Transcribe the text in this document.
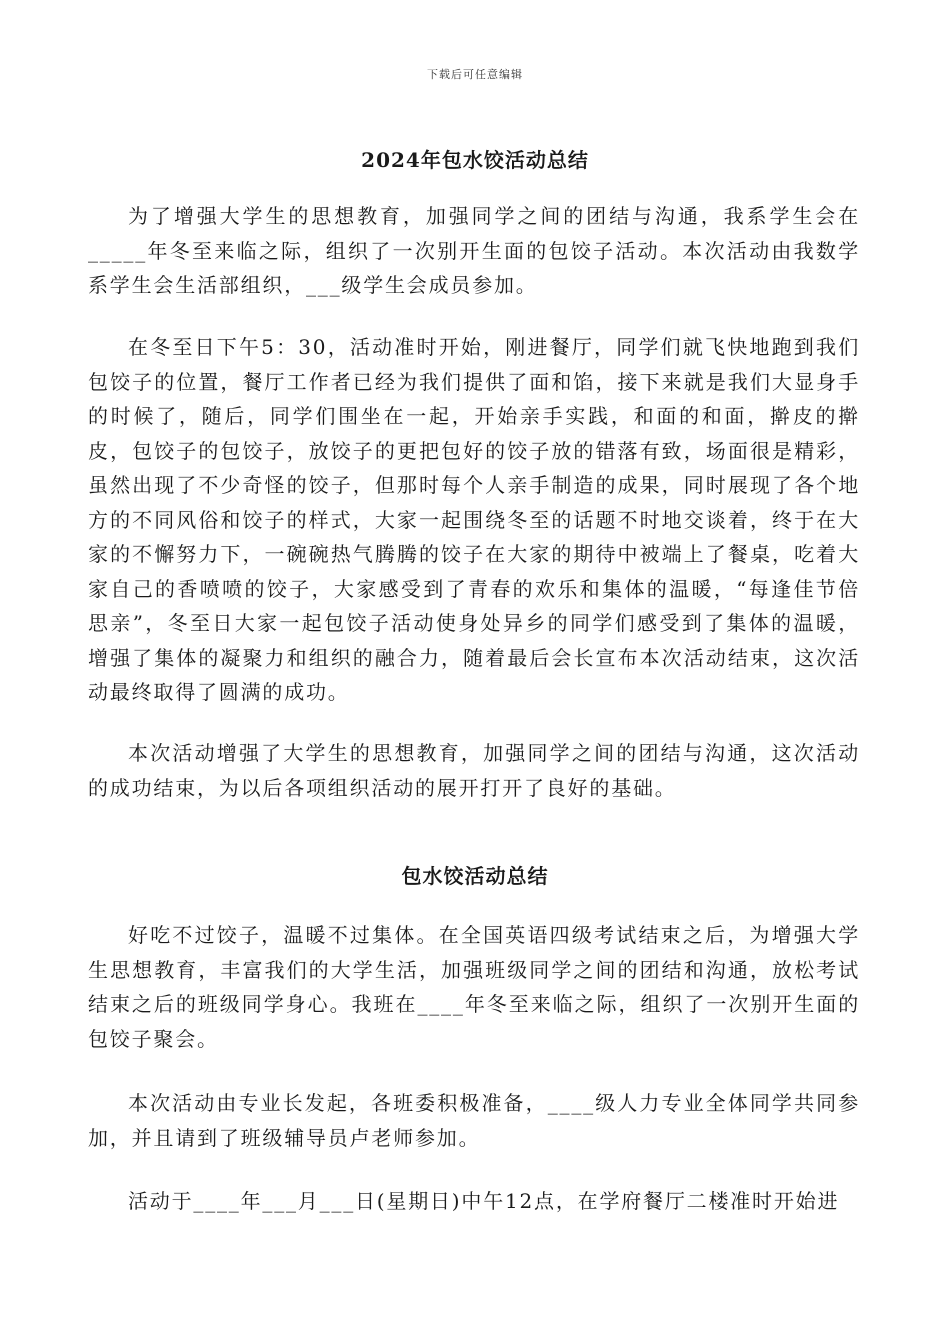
下载后可任意编辑
2024年包水饺活动总结
为了增强大学生的思想教育，加强同学之间的团结与沟通，我系学生会在_____年冬至来临之际，组织了一次别开生面的包饺子活动。本次活动由我数学系学生会生活部组织，___级学生会成员参加。
在冬至日下午5：30，活动准时开始，刚进餐厅，同学们就飞快地跑到我们包饺子的位置，餐厅工作者已经为我们提供了面和馅，接下来就是我们大显身手的时候了，随后，同学们围坐在一起，开始亲手实践，和面的和面，擀皮的擀皮，包饺子的包饺子，放饺子的更把包好的饺子放的错落有致，场面很是精彩，虽然出现了不少奇怪的饺子，但那时每个人亲手制造的成果，同时展现了各个地方的不同风俗和饺子的样式，大家一起围绕冬至的话题不时地交谈着，终于在大家的不懈努力下，一碗碗热气腾腾的饺子在大家的期待中被端上了餐桌，吃着大家自己的香喷喷的饺子，大家感受到了青春的欢乐和集体的温暖，“每逢佳节倍思亲”，冬至日大家一起包饺子活动使身处异乡的同学们感受到了集体的温暖，增强了集体的凝聚力和组织的融合力，随着最后会长宣布本次活动结束，这次活动最终取得了圆满的成功。
本次活动增强了大学生的思想教育，加强同学之间的团结与沟通，这次活动的成功结束，为以后各项组织活动的展开打开了良好的基础。
包水饺活动总结
好吃不过饺子，温暖不过集体。在全国英语四级考试结束之后，为增强大学生思想教育，丰富我们的大学生活，加强班级同学之间的团结和沟通，放松考试结束之后的班级同学身心。我班在____年冬至来临之际，组织了一次别开生面的包饺子聚会。
本次活动由专业长发起，各班委积极准备，____级人力专业全体同学共同参加，并且请到了班级辅导员卢老师参加。
活动于____年___月___日(星期日)中午12点，在学府餐厅二楼准时开始进
